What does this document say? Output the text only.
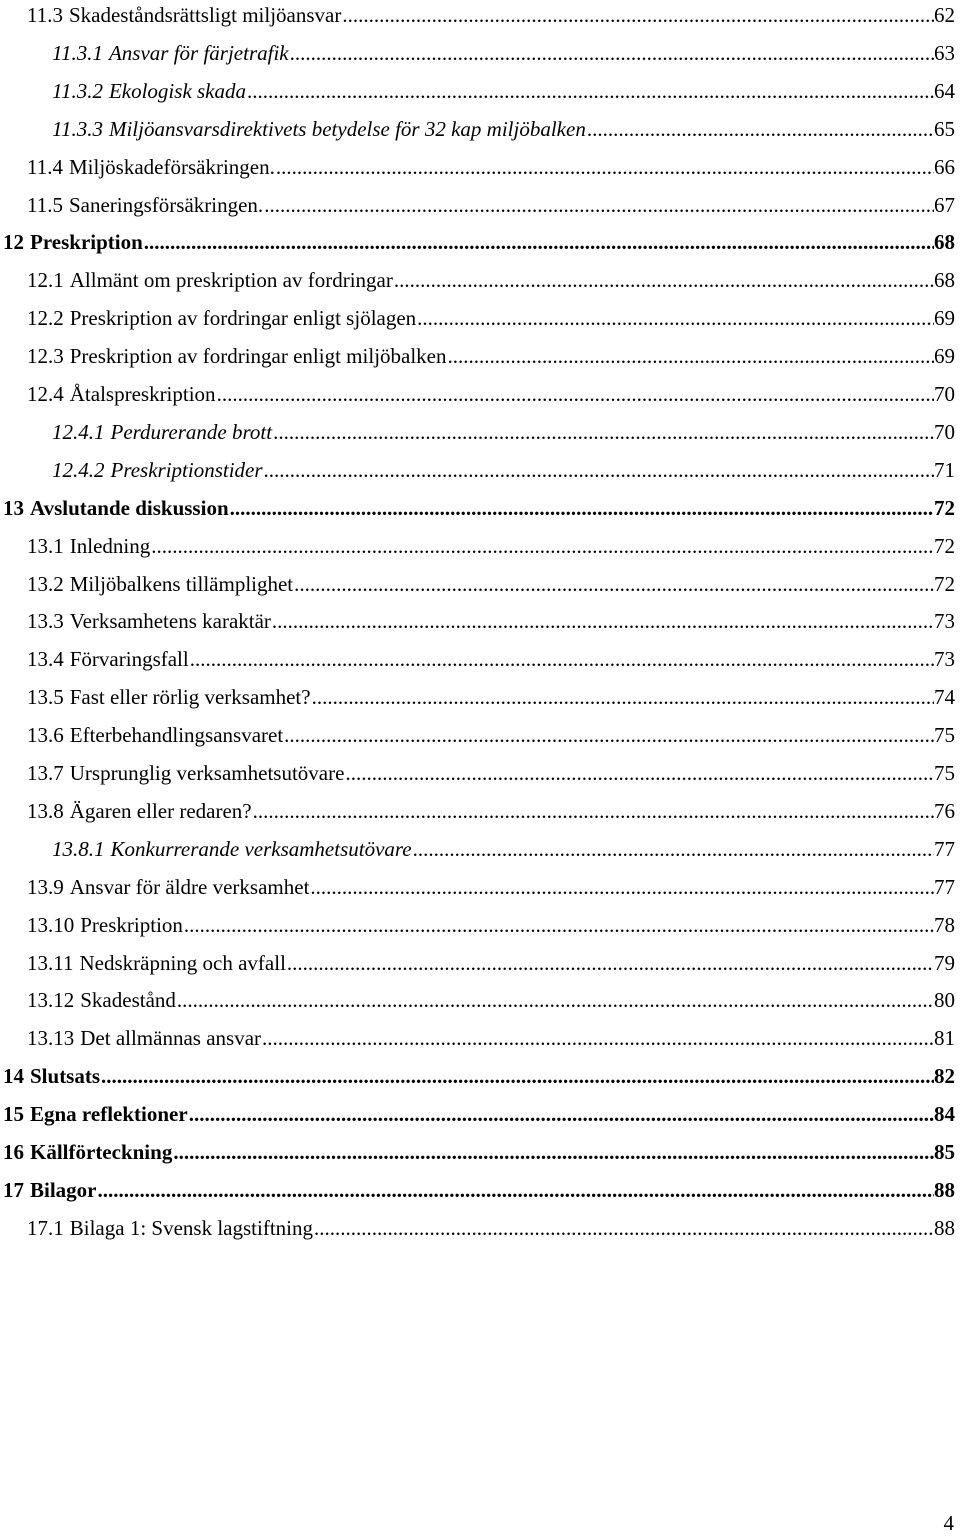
11.3 Skadeståndsrättsligt miljöansvar .....	62
11.3.1 Ansvar för färjetrafik .....	63
11.3.2 Ekologisk skada .....	64
11.3.3 Miljöansvarsdirektivets betydelse för 32 kap miljöbalken .....	65
11.4 Miljöskadeförsäkringen. .....	66
11.5 Saneringsförsäkringen. .....	67
12 Preskription .....	68
12.1 Allmänt om preskription av fordringar .....	68
12.2 Preskription av fordringar enligt sjölagen .....	69
12.3 Preskription av fordringar enligt miljöbalken .....	69
12.4 Åtalspreskription .....	70
12.4.1 Perdurerande brott .....	70
12.4.2 Preskriptionstider .....	71
13 Avslutande diskussion .....	72
13.1 Inledning .....	72
13.2 Miljöbalkens tillämplighet .....	72
13.3 Verksamhetens karaktär .....	73
13.4 Förvaringsfall .....	73
13.5 Fast eller rörlig verksamhet? .....	74
13.6 Efterbehandlingsansvaret .....	75
13.7 Ursprunglig verksamhetsutövare .....	75
13.8 Ägaren eller redaren? .....	76
13.8.1 Konkurrerande verksamhetsutövare .....	77
13.9 Ansvar för äldre verksamhet .....	77
13.10 Preskription .....	78
13.11 Nedskräpning och avfall .....	79
13.12 Skadestånd .....	80
13.13 Det allmännas ansvar .....	81
14 Slutsats .....	82
15 Egna reflektioner .....	84
16 Källförteckning .....	85
17 Bilagor .....	88
17.1 Bilaga 1: Svensk lagstiftning .....	88
4
